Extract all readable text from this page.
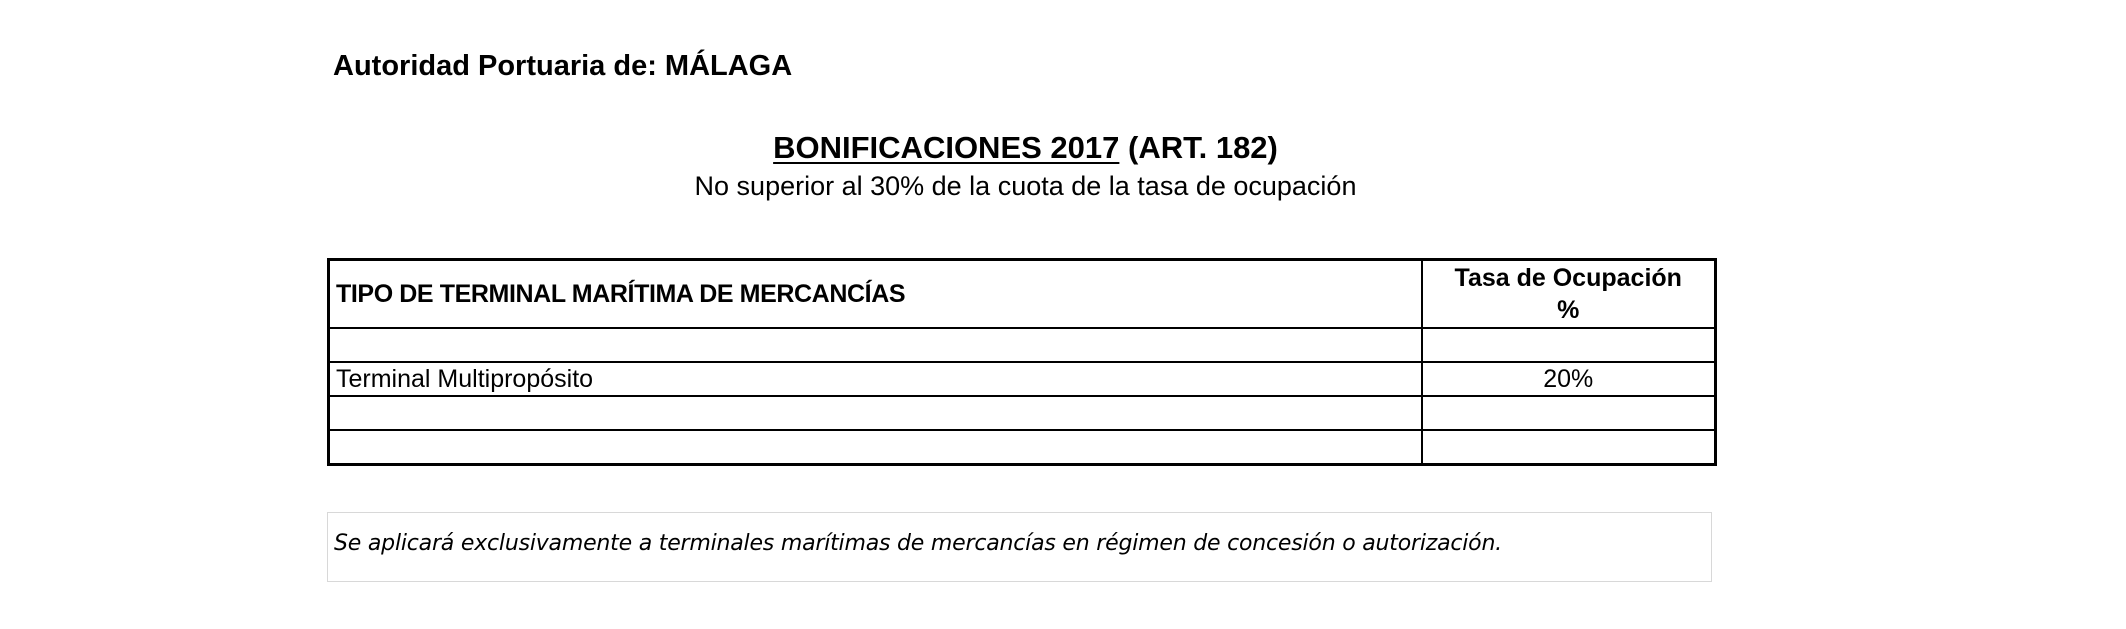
Autoridad Portuaria de: MÁLAGA
BONIFICACIONES 2017 (ART. 182)
No superior al 30% de la cuota de la tasa de ocupación
TIPO DE TERMINAL MARÍTIMA DE MERCANCÍAS	Tasa de Ocupación
%

Terminal Multipropósito	20%

Se aplicará exclusivamente a terminales marítimas de mercancías en régimen de concesión o autorización.
